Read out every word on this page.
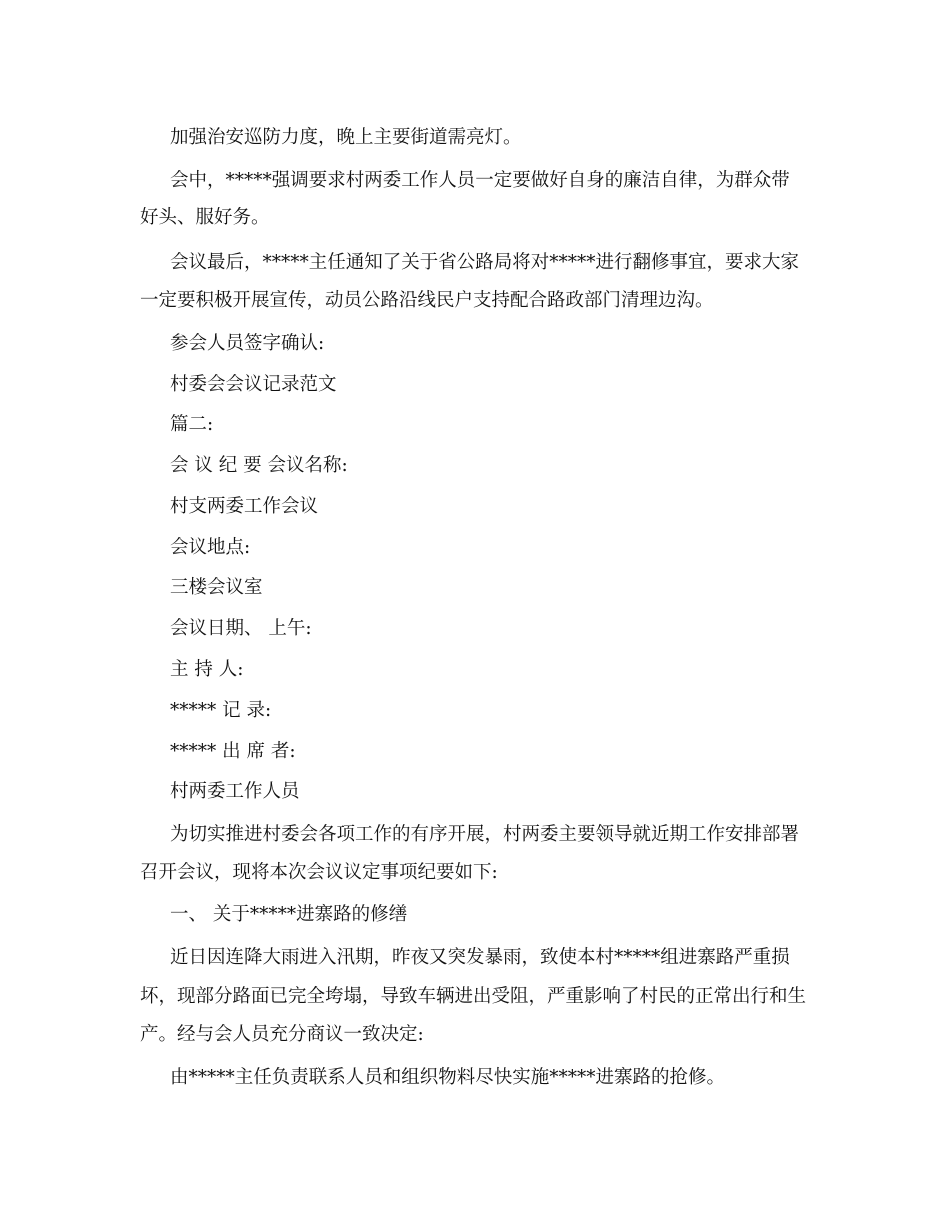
加强治安巡防力度，晚上主要街道需亮灯。
会中，*****强调要求村两委工作人员一定要做好自身的廉洁自律，为群众带
好头、服好务。
会议最后，*****主任通知了关于省公路局将对*****进行翻修事宜，要求大家
一定要积极开展宣传，动员公路沿线民户支持配合路政部门清理边沟。
参会人员签字确认:
村委会会议记录范文
篇二:
会 议 纪 要 会议名称:
村支两委工作会议
会议地点:
三楼会议室
会议日期、 上午:
主 持 人:
***** 记 录:
***** 出 席 者:
村两委工作人员
为切实推进村委会各项工作的有序开展，村两委主要领导就近期工作安排部署
召开会议，现将本次会议议定事项纪要如下:
一、 关于*****进寨路的修缮
近日因连降大雨进入汛期，昨夜又突发暴雨，致使本村*****组进寨路严重损
坏，现部分路面已完全垮塌，导致车辆进出受阻，严重影响了村民的正常出行和生
产。经与会人员充分商议一致决定:
由*****主任负责联系人员和组织物料尽快实施*****进寨路的抢修。
